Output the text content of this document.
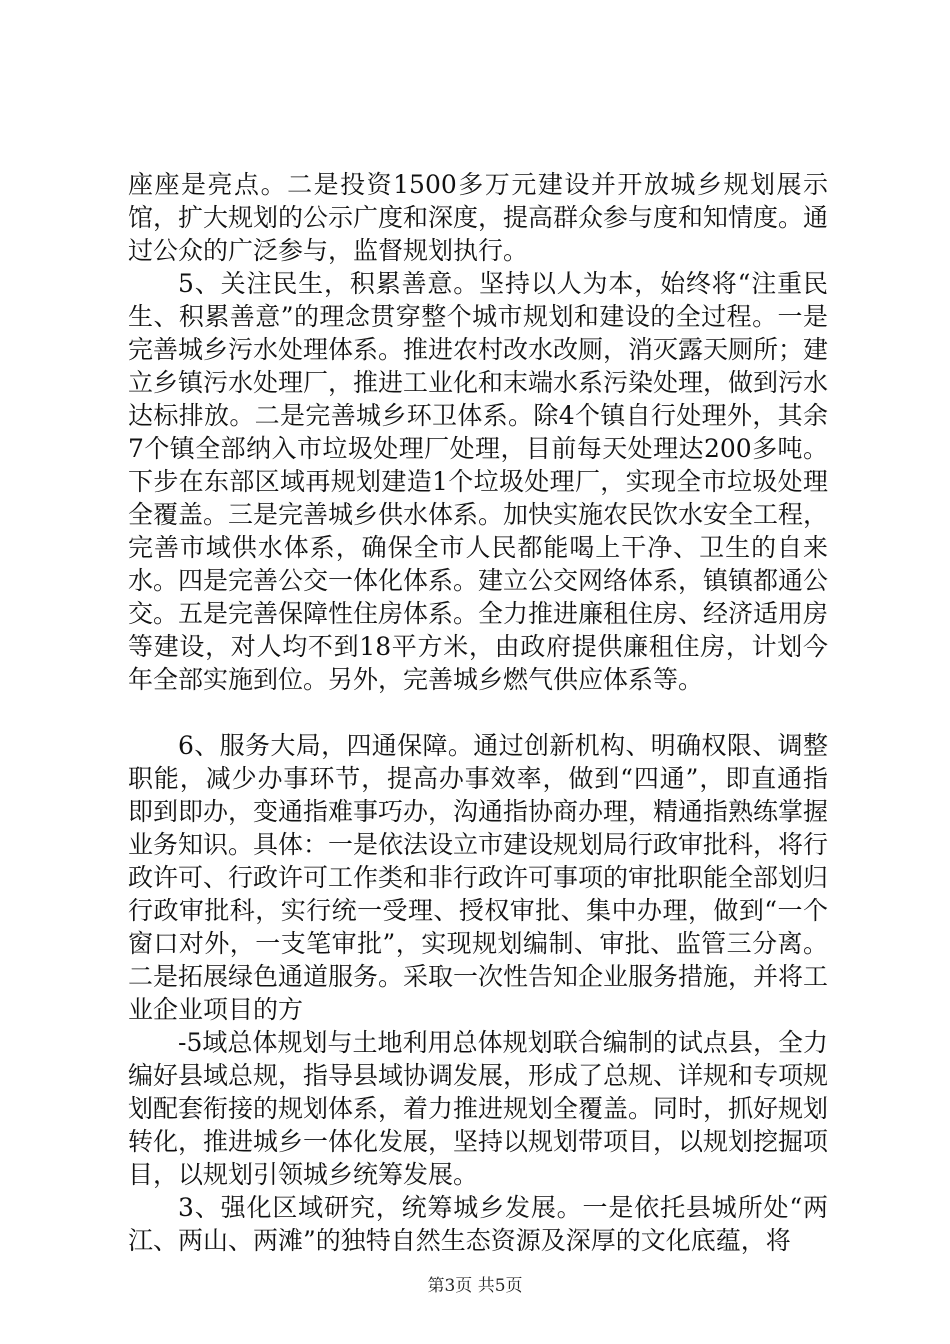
座座是亮点。二是投资1500多万元建设并开放城乡规划展示馆，扩大规划的公示广度和深度，提高群众参与度和知情度。通过公众的广泛参与，监督规划执行。

5、关注民生，积累善意。坚持以人为本，始终将“注重民生、积累善意”的理念贯穿整个城市规划和建设的全过程。一是完善城乡污水处理体系。推进农村改水改厕，消灭露天厕所；建立乡镇污水处理厂，推进工业化和末端水系污染处理，做到污水达标排放。二是完善城乡环卫体系。除4个镇自行处理外，其余7个镇全部纳入市垃圾处理厂处理，目前每天处理达200多吨。下步在东部区域再规划建造1个垃圾处理厂，实现全市垃圾处理全覆盖。三是完善城乡供水体系。加快实施农民饮水安全工程，完善市域供水体系，确保全市人民都能喝上干净、卫生的自来水。四是完善公交一体化体系。建立公交网络体系，镇镇都通公交。五是完善保障性住房体系。全力推进廉租住房、经济适用房等建设，对人均不到18平方米，由政府提供廉租住房，计划今年全部实施到位。另外，完善城乡燃气供应体系等。

6、服务大局，四通保障。通过创新机构、明确权限、调整职能，减少办事环节，提高办事效率，做到“四通”，即直通指即到即办，变通指难事巧办，沟通指协商办理，精通指熟练掌握业务知识。具体：一是依法设立市建设规划局行政审批科，将行政许可、行政许可工作类和非行政许可事项的审批职能全部划归行政审批科，实行统一受理、授权审批、集中办理，做到“一个窗口对外，一支笔审批”，实现规划编制、审批、监管三分离。二是拓展绿色通道服务。采取一次性告知企业服务措施，并将工业企业项目的方

-5域总体规划与土地利用总体规划联合编制的试点县，全力编好县域总规，指导县域协调发展，形成了总规、详规和专项规划配套衔接的规划体系，着力推进规划全覆盖。同时，抓好规划转化，推进城乡一体化发展，坚持以规划带项目，以规划挖掘项目，以规划引领城乡统筹发展。

3、强化区域研究，统筹城乡发展。一是依托县城所处“两江、两山、两滩”的独特自然生态资源及深厚的文化底蕴，将

第3页 共5页
